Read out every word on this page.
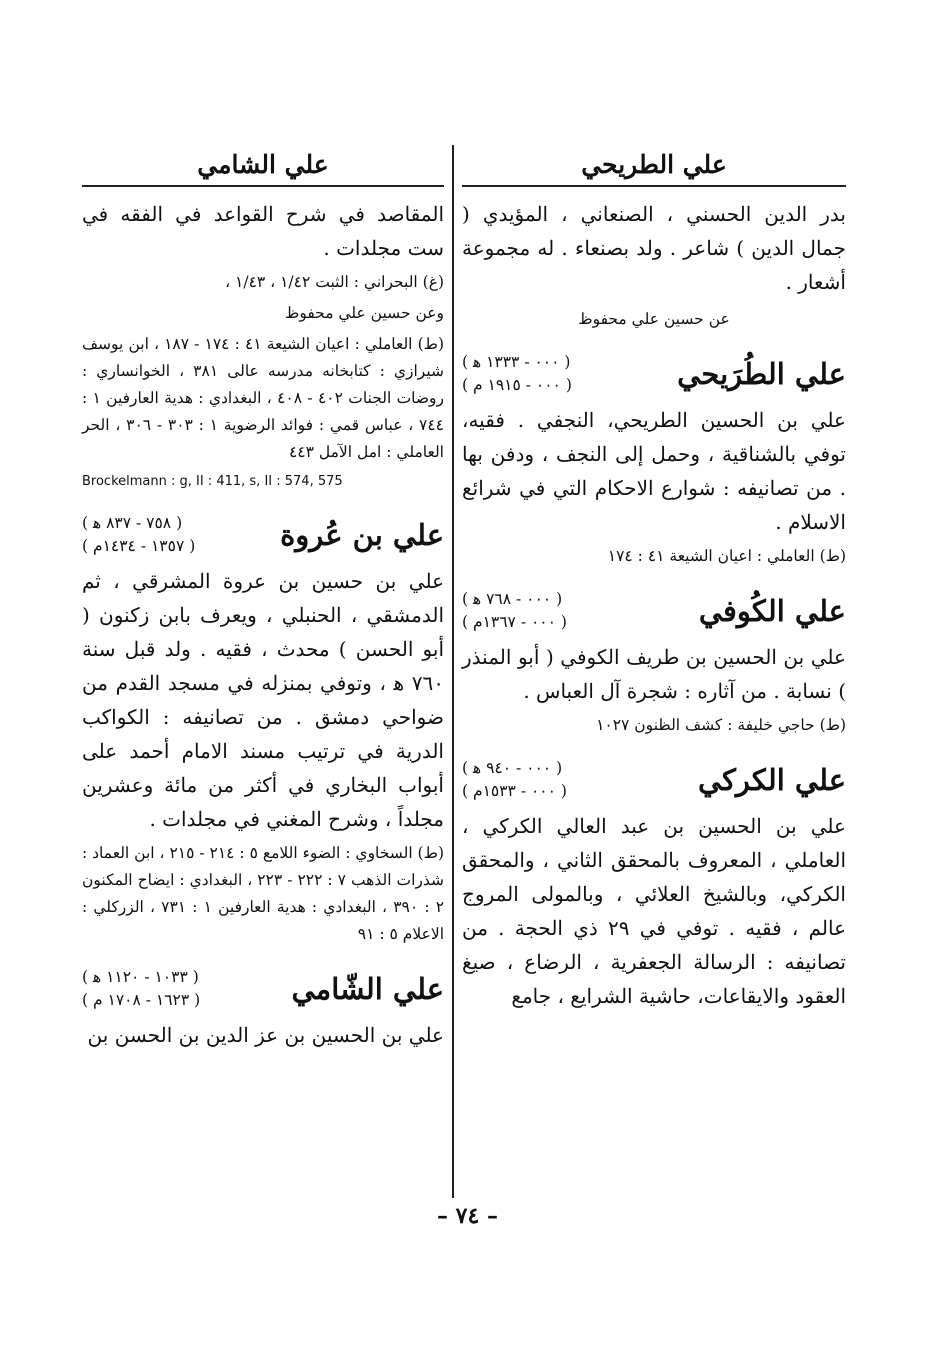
علي الطريحي

بدر الدين الحسني ، الصنعاني ، المؤيدي ( جمال الدين ) شاعر . ولد بصنعاء . له مجموعة أشعار .

عن حسين علي محفوظ
علي الطُرَيحي
( ٠٠٠ - ١٣٣٣ ﻫ )
( ٠٠٠ - ١٩١٥ م )

علي بن الحسين الطريحي، النجفي . فقيه، توفي بالشناقية ، وحمل إلى النجف ، ودفن بها . من تصانيفه : شوارع الاحكام التي في شرائع الاسلام .

(ط) العاملي : اعيان الشيعة ٤١ : ١٧٤

علي الكُوفي
( ٠٠٠ - ٧٦٨ ﻫ )
( ٠٠٠ - ١٣٦٧م )

علي بن الحسين بن طريف الكوفي ( أبو المنذر ) نسابة . من آثاره : شجرة آل العباس .

(ط) حاجي خليفة : كشف الظنون ١٠٢٧

علي الكركي
( ٠٠٠ - ٩٤٠ ﻫ )
( ٠٠٠ - ١٥٣٣م )

علي بن الحسين بن عبد العالي الكركي ، العاملي ، المعروف بالمحقق الثاني ، والمحقق الكركي، وبالشيخ العلائي ، وبالمولى المروج عالم ، فقيه . توفي في ٢٩ ذي الحجة . من تصانيفه : الرسالة الجعفرية ، الرضاع ، صيغ العقود والايقاعات، حاشية الشرايع ، جامع

علي الشامي

المقاصد في شرح القواعد في الفقه في ست مجلدات .

(غ) البحراني : الثبت ١/٤٢ ، ١/٤٣ ،

وعن حسين علي محفوظ

(ط) العاملي : اعيان الشيعة ٤١ : ١٧٤ - ١٨٧ ، ابن يوسف شيرازي : كتابخانه مدرسه عالى ٣٨١ ، الخوانساري : روضات الجنات ٤٠٢ - ٤٠٨ ، البغدادي : هدية العارفين ١ : ٧٤٤ ، عباس قمي : فوائد الرضوية ١ : ٣٠٣ - ٣٠٦ ، الحر العاملي : امل الآمل ٤٤٣

Brockelmann : g, II : 411, s, II : 574, 575

علي بن عُروة
( ٧٥٨ - ٨٣٧ ﻫ )
( ١٣٥٧ - ١٤٣٤م )

علي بن حسين بن عروة المشرقي ، ثم الدمشقي ، الحنبلي ، ويعرف بابن زكنون ( أبو الحسن ) محدث ، فقيه . ولد قبل سنة ٧٦٠ ﻫ ، وتوفي بمنزله في مسجد القدم من ضواحي دمشق . من تصانيفه : الكواكب الدرية في ترتيب مسند الامام أحمد على أبواب البخاري في أكثر من مائة وعشرين مجلداً ، وشرح المغني في مجلدات .

(ط) السخاوي : الضوء اللامع ٥ : ٢١٤ - ٢١٥ ، ابن العماد : شذرات الذهب ٧ : ٢٢٢ - ٢٢٣ ، البغدادي : ايضاح المكنون ٢ : ٣٩٠ ، البغدادي : هدية العارفين ١ : ٧٣١ ، الزركلي : الاعلام ٥ : ٩١

علي الشّامي
( ١٠٣٣ - ١١٢٠ ﻫ )
( ١٦٢٣ - ١٧٠٨ م )

علي بن الحسين بن عز الدين بن الحسن بن

– ٧٤ –
